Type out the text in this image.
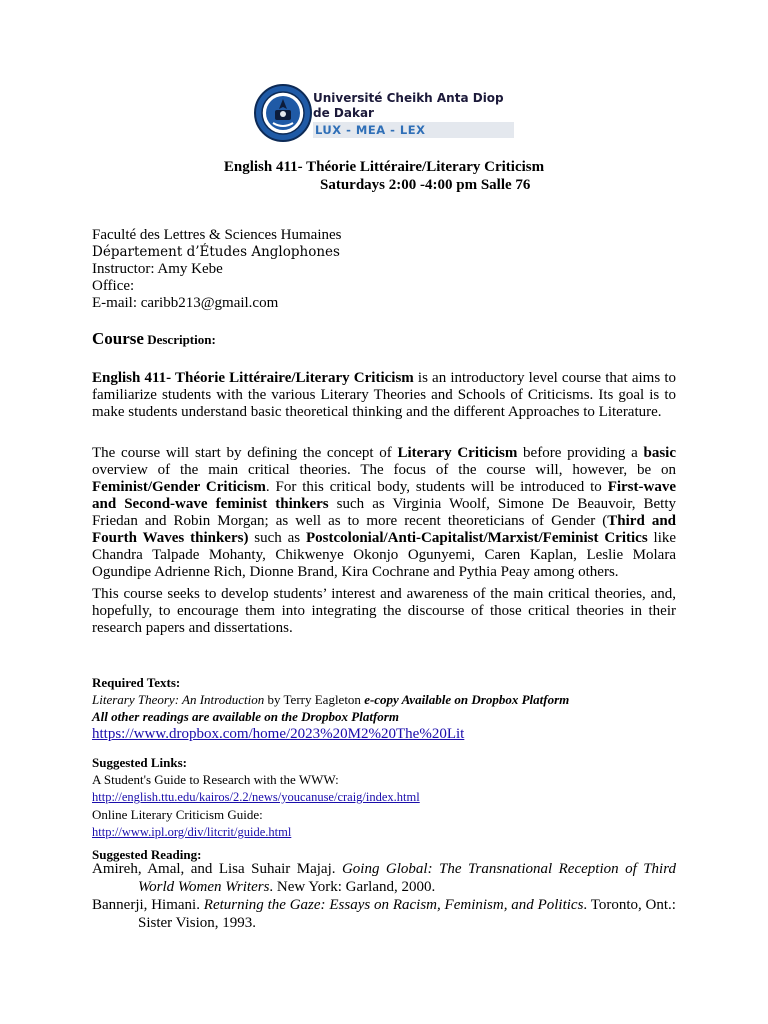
Université Cheikh Anta Diop
de Dakar
LUX - MEA - LEX
English 411- Théorie Littéraire/Literary Criticism
Saturdays 2:00 -4:00 pm Salle 76
Faculté des Lettres & Sciences Humaines
Département d’Études Anglophones
Instructor: Amy Kebe
Office:
E-mail: caribb213@gmail.com
Course Description:
English 411- Théorie Littéraire/Literary Criticism is an introductory level course that aims to familiarize students with the various Literary Theories and Schools of Criticisms. Its goal is to make students understand basic theoretical thinking and the different Approaches to Literature.
The course will start by defining the concept of Literary Criticism before providing a basic overview of the main critical theories. The focus of the course will, however, be on Feminist/Gender Criticism. For this critical body, students will be introduced to First-wave and Second-wave feminist thinkers such as Virginia Woolf, Simone De Beauvoir, Betty Friedan and Robin Morgan; as well as to more recent theoreticians of Gender (Third and Fourth Waves thinkers) such as Postcolonial/Anti-Capitalist/Marxist/Feminist Critics like Chandra Talpade Mohanty, Chikwenye Okonjo Ogunyemi, Caren Kaplan, Leslie Molara Ogundipe Adrienne Rich, Dionne Brand, Kira Cochrane and Pythia Peay among others.
This course seeks to develop students’ interest and awareness of the main critical theories, and, hopefully, to encourage them into integrating the discourse of those critical theories in their research papers and dissertations.
Required Texts:
Literary Theory: An Introduction by Terry Eagleton e-copy Available on Dropbox Platform
All other readings are available on the Dropbox Platform
https://www.dropbox.com/home/2023%20M2%20The%20Lit
Suggested Links:
A Student's Guide to Research with the WWW:
http://english.ttu.edu/kairos/2.2/news/youcanuse/craig/index.html
Online Literary Criticism Guide:
http://www.ipl.org/div/litcrit/guide.html
Suggested Reading:
Amireh, Amal, and Lisa Suhair Majaj. Going Global: The Transnational Reception of Third World Women Writers. New York: Garland, 2000.
Bannerji, Himani. Returning the Gaze: Essays on Racism, Feminism, and Politics. Toronto, Ont.: Sister Vision, 1993.
